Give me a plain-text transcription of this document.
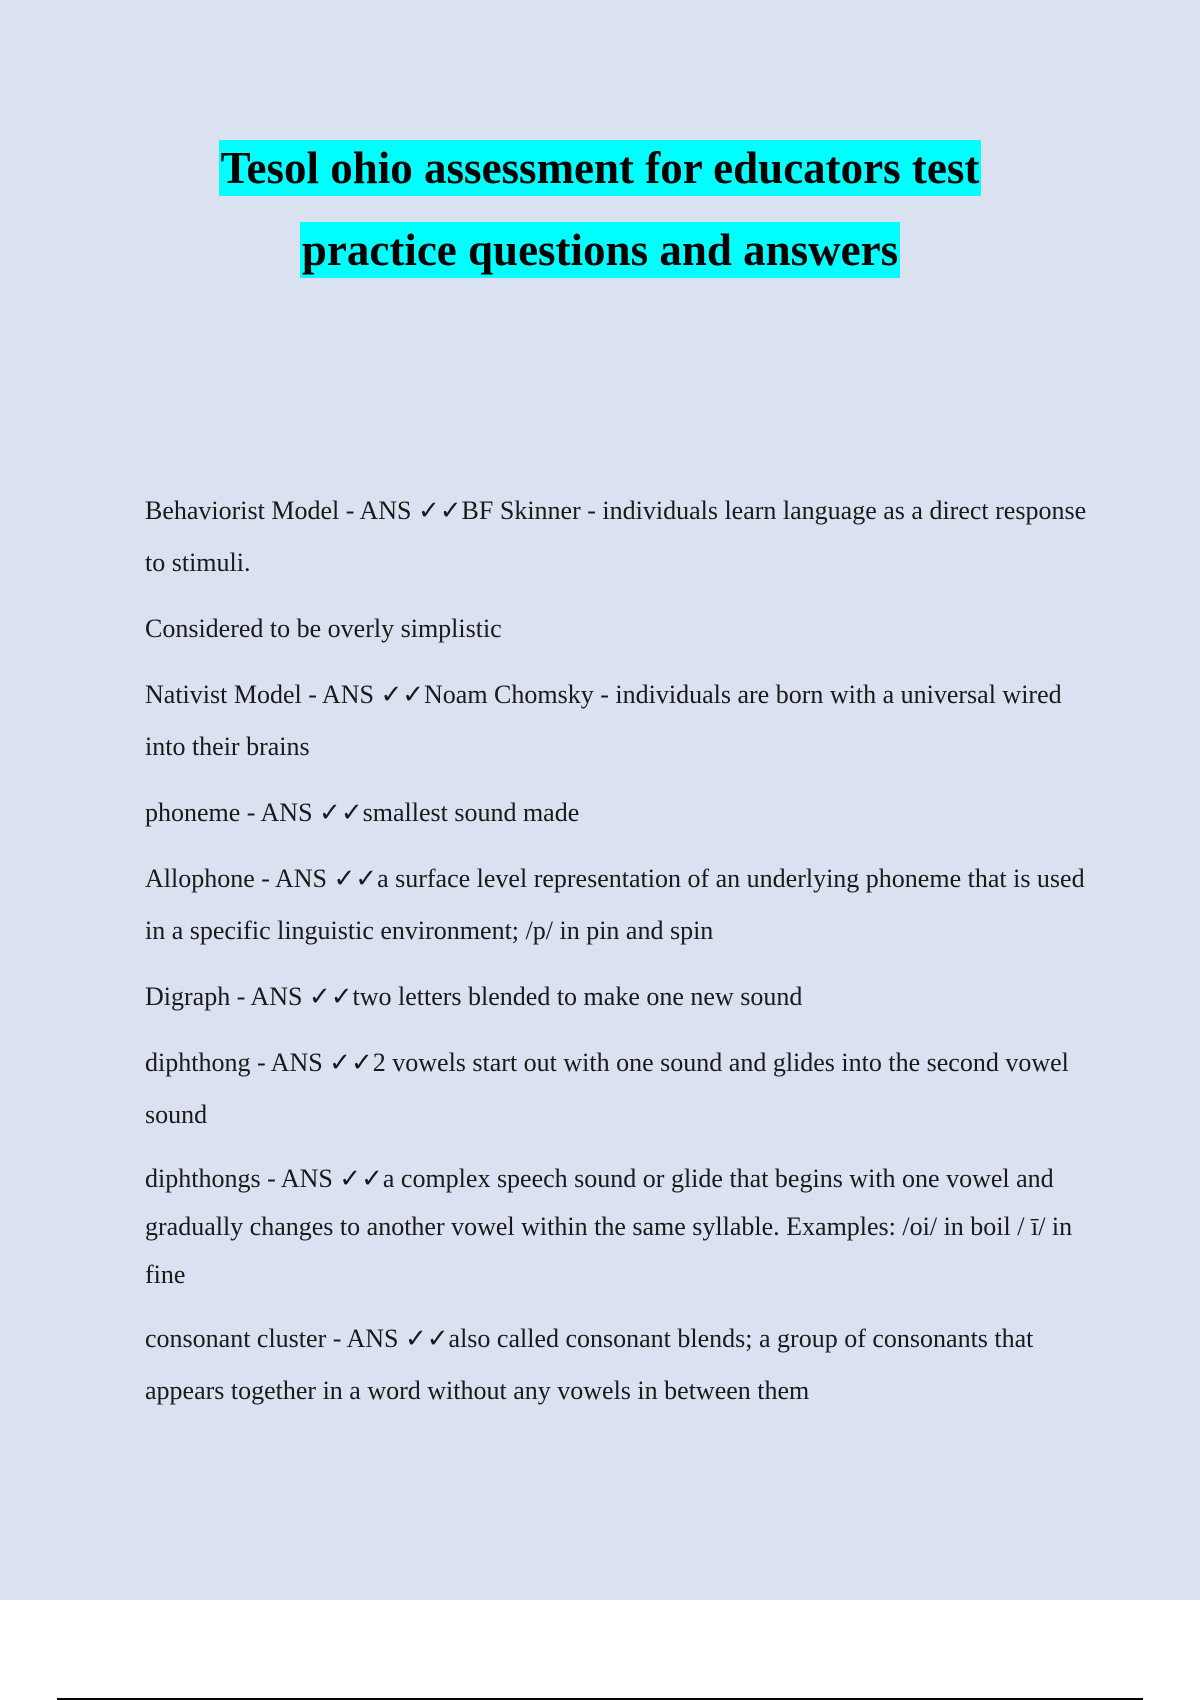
Tesol ohio assessment for educators test
practice questions and answers

Behaviorist Model - ANS ✓✓BF Skinner - individuals learn language as a direct response to stimuli.

Considered to be overly simplistic

Nativist Model - ANS ✓✓Noam Chomsky - individuals are born with a universal wired into their brains

phoneme - ANS ✓✓smallest sound made

Allophone - ANS ✓✓a surface level representation of an underlying phoneme that is used in a specific linguistic environment; /p/ in pin and spin

Digraph - ANS ✓✓two letters blended to make one new sound

diphthong - ANS ✓✓2 vowels start out with one sound and glides into the second vowel sound

diphthongs - ANS ✓✓a complex speech sound or glide that begins with one vowel and gradually changes to another vowel within the same syllable. Examples: /oi/ in boil / ī/ in fine

consonant cluster - ANS ✓✓also called consonant blends; a group of consonants that appears together in a word without any vowels in between them
